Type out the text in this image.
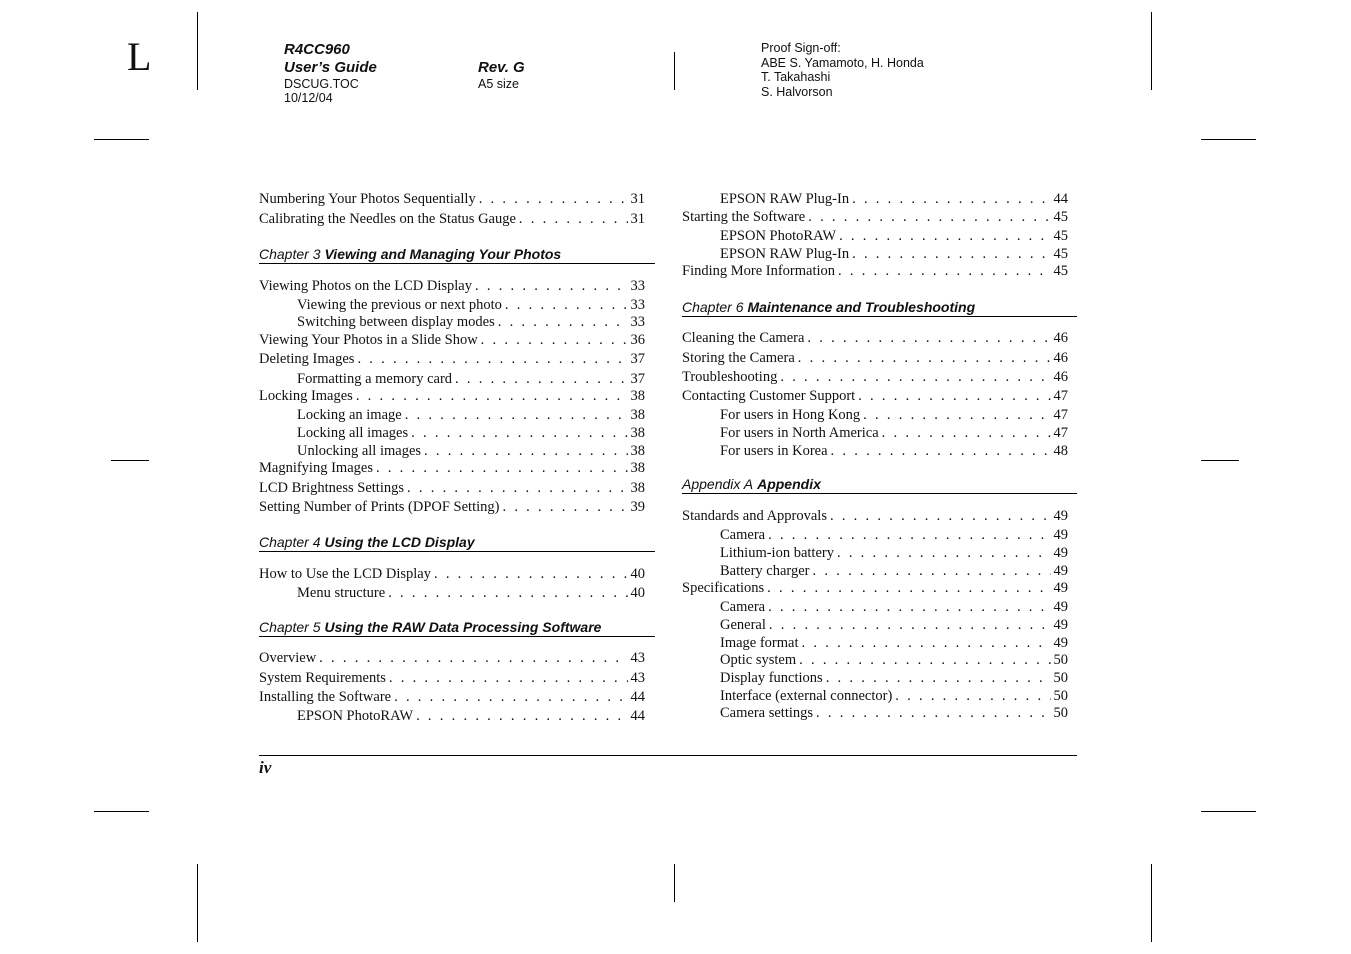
L	R4CC960
User’s Guide
DSCUG.TOC
10/12/04
Rev. G
A5 size
Proof Sign-off:
ABE S. Yamamoto, H. Honda
T. Takahashi
S. Halvorson
Numbering Your Photos Sequentially . . .	31
Calibrating the Needles on the Status Gauge . . .	31
Chapter 3 Viewing and Managing Your Photos
Viewing Photos on the LCD Display . . .	33
Viewing the previous or next photo . . .	33
Switching between display modes . . .	33
Viewing Your Photos in a Slide Show . . .	36
Deleting Images . . .	37
Formatting a memory card . . .	37
Locking Images . . .	38
Locking an image . . .	38
Locking all images . . .	38
Unlocking all images . . .	38
Magnifying Images . . .	38
LCD Brightness Settings . . .	38
Setting Number of Prints (DPOF Setting) . . .	39
Chapter 4 Using the LCD Display
How to Use the LCD Display . . .	40
Menu structure . . .	40
Chapter 5 Using the RAW Data Processing Software
Overview . . .	43
System Requirements . . .	43
Installing the Software . . .	44
EPSON PhotoRAW . . .	44
EPSON RAW Plug-In . . .	44
Starting the Software . . .	45
EPSON PhotoRAW . . .	45
EPSON RAW Plug-In . . .	45
Finding More Information . . .	45
Chapter 6 Maintenance and Troubleshooting
Cleaning the Camera . . .	46
Storing the Camera . . .	46
Troubleshooting . . .	46
Contacting Customer Support . . .	47
For users in Hong Kong . . .	47
For users in North America . . .	47
For users in Korea . . .	48
Appendix A Appendix
Standards and Approvals . . .	49
Camera . . .	49
Lithium-ion battery . . .	49
Battery charger . . .	49
Specifications . . .	49
Camera . . .	49
General . . .	49
Image format . . .	49
Optic system . . .	50
Display functions . . .	50
Interface (external connector) . . .	50
Camera settings . . .	50
iv
